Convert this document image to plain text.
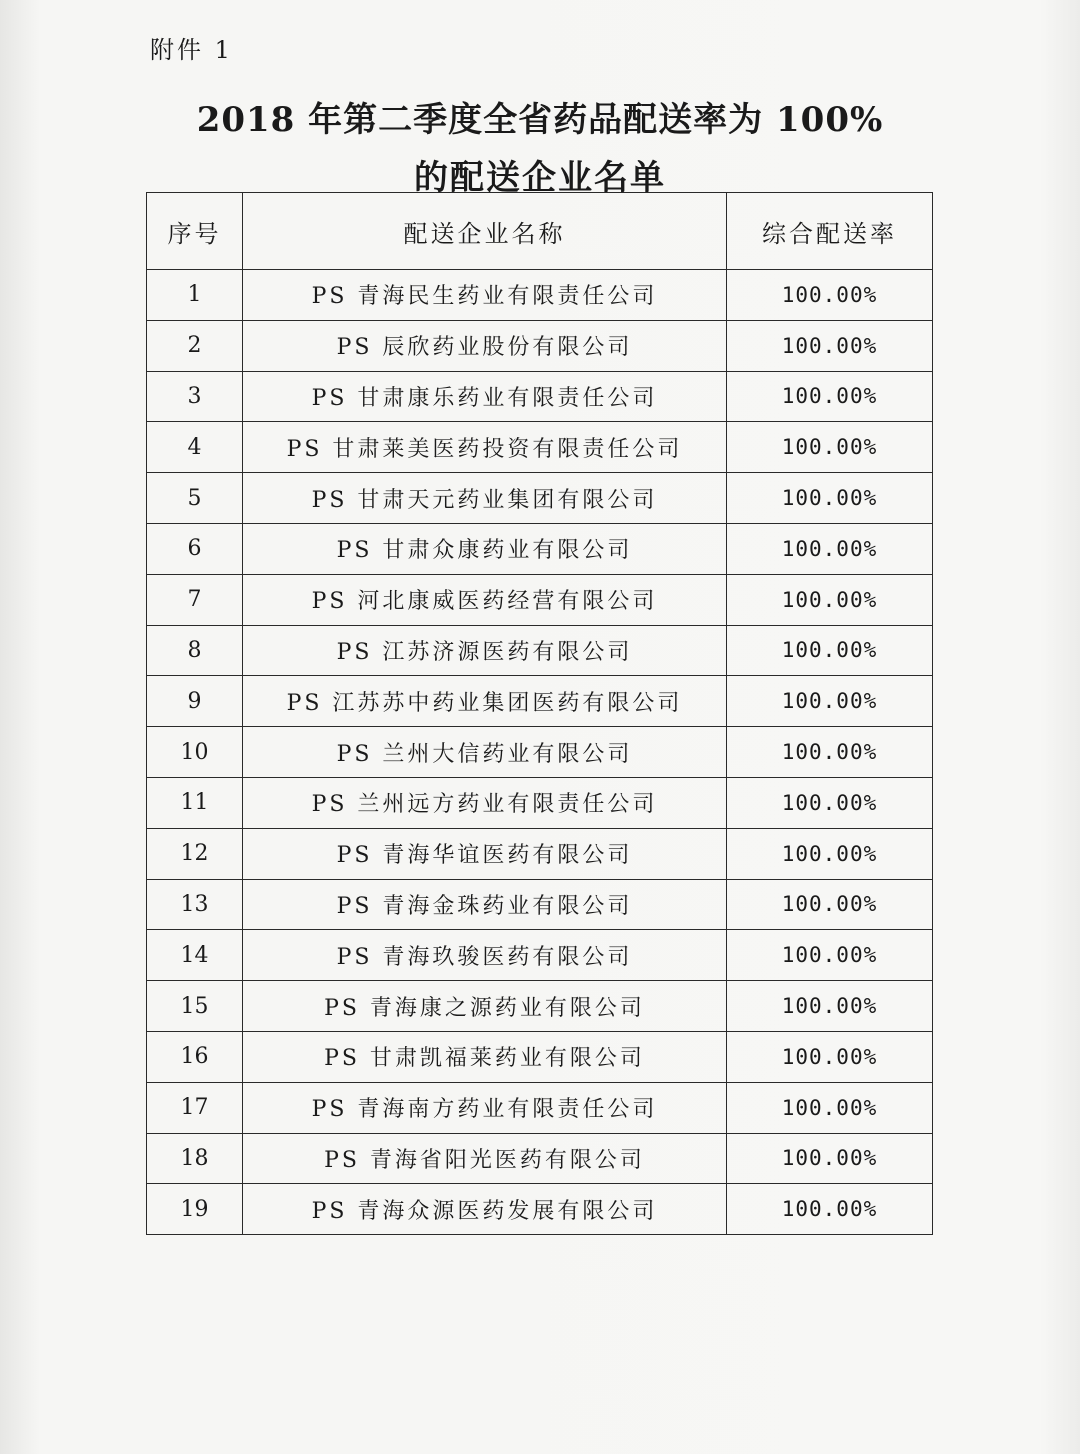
附件 1
2018 年第二季度全省药品配送率为 100%
的配送企业名单
序号	配送企业名称	综合配送率
1	PS 青海民生药业有限责任公司	100.00%
2	PS 辰欣药业股份有限公司	100.00%
3	PS 甘肃康乐药业有限责任公司	100.00%
4	PS 甘肃莱美医药投资有限责任公司	100.00%
5	PS 甘肃天元药业集团有限公司	100.00%
6	PS 甘肃众康药业有限公司	100.00%
7	PS 河北康威医药经营有限公司	100.00%
8	PS 江苏济源医药有限公司	100.00%
9	PS 江苏苏中药业集团医药有限公司	100.00%
10	PS 兰州大信药业有限公司	100.00%
11	PS 兰州远方药业有限责任公司	100.00%
12	PS 青海华谊医药有限公司	100.00%
13	PS 青海金珠药业有限公司	100.00%
14	PS 青海玖骏医药有限公司	100.00%
15	PS 青海康之源药业有限公司	100.00%
16	PS 甘肃凯福莱药业有限公司	100.00%
17	PS 青海南方药业有限责任公司	100.00%
18	PS 青海省阳光医药有限公司	100.00%
19	PS 青海众源医药发展有限公司	100.00%
